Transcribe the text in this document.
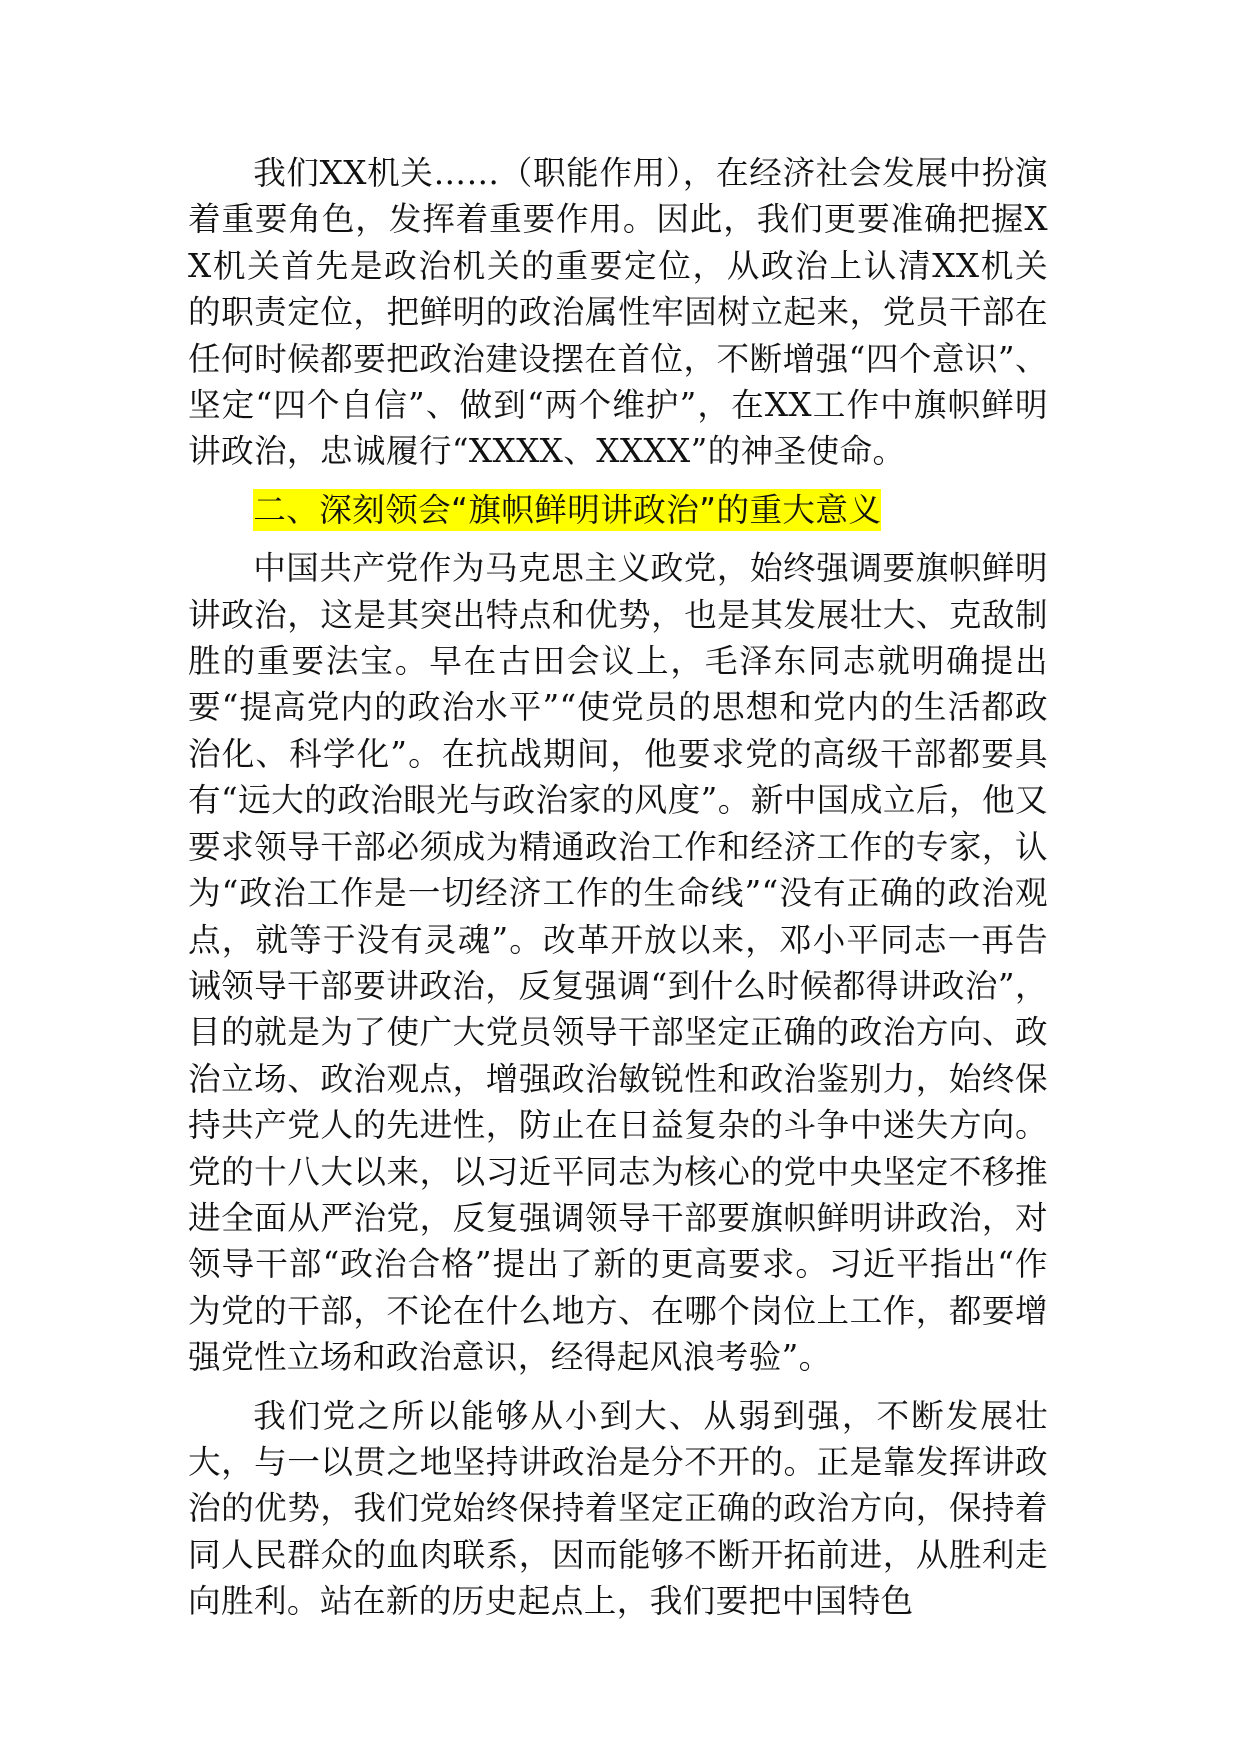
我们XX机关……（职能作用），在经济社会发展中扮演着重要角色，发挥着重要作用。因此，我们更要准确把握XX机关首先是政治机关的重要定位，从政治上认清XX机关的职责定位，把鲜明的政治属性牢固树立起来，党员干部在任何时候都要把政治建设摆在首位，不断增强“四个意识”、坚定“四个自信”、做到“两个维护”，在XX工作中旗帜鲜明讲政治，忠诚履行“XXXX、XXXX”的神圣使命。

二、深刻领会“旗帜鲜明讲政治”的重大意义

中国共产党作为马克思主义政党，始终强调要旗帜鲜明讲政治，这是其突出特点和优势，也是其发展壮大、克敌制胜的重要法宝。早在古田会议上，毛泽东同志就明确提出要“提高党内的政治水平”“使党员的思想和党内的生活都政治化、科学化”。在抗战期间，他要求党的高级干部都要具有“远大的政治眼光与政治家的风度”。新中国成立后，他又要求领导干部必须成为精通政治工作和经济工作的专家，认为“政治工作是一切经济工作的生命线”“没有正确的政治观点，就等于没有灵魂”。改革开放以来，邓小平同志一再告诫领导干部要讲政治，反复强调“到什么时候都得讲政治”，目的就是为了使广大党员领导干部坚定正确的政治方向、政治立场、政治观点，增强政治敏锐性和政治鉴别力，始终保持共产党人的先进性，防止在日益复杂的斗争中迷失方向。党的十八大以来，以习近平同志为核心的党中央坚定不移推进全面从严治党，反复强调领导干部要旗帜鲜明讲政治，对领导干部“政治合格”提出了新的更高要求。习近平指出“作为党的干部，不论在什么地方、在哪个岗位上工作，都要增强党性立场和政治意识，经得起风浪考验”。

我们党之所以能够从小到大、从弱到强，不断发展壮大，与一以贯之地坚持讲政治是分不开的。正是靠发挥讲政治的优势，我们党始终保持着坚定正确的政治方向，保持着同人民群众的血肉联系，因而能够不断开拓前进，从胜利走向胜利。站在新的历史起点上，我们要把中国特色
